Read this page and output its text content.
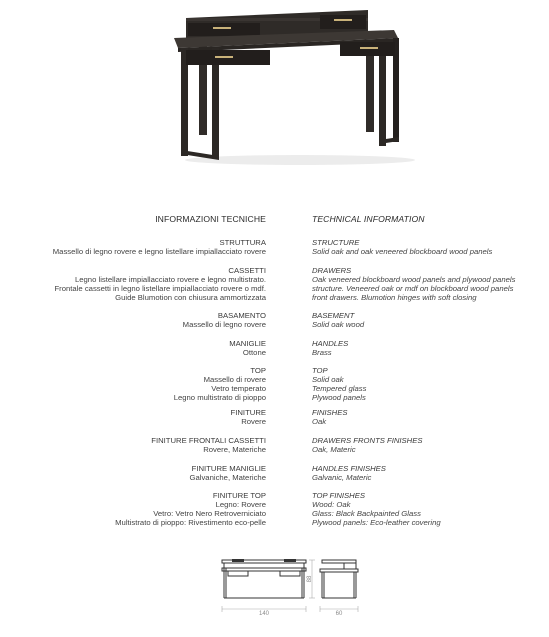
INFORMAZIONI TECNICHE	TECHNICAL INFORMATION
STRUTTURA
Massello di legno rovere e legno listellare impiallacciato rovere
STRUCTURE
Solid oak and oak veneered blockboard wood panels
CASSETTI
Legno listellare impiallacciato rovere e legno multistrato.
Frontale cassetti in legno listellare impiallacciato rovere o mdf.
Guide Blumotion con chiusura ammortizzata
DRAWERS
Oak veneered blockboard wood panels and plywood panels
structure. Veneered oak or mdf on blockboard wood panels
front drawers. Blumotion hinges with soft closing
BASAMENTO
Massello di legno rovere
BASEMENT
Solid oak wood
MANIGLIE
Ottone
HANDLES
Brass
TOP
Massello di rovere
Vetro temperato
Legno multistrato di pioppo
TOP
Solid oak
Tempered glass
Plywood panels
FINITURE
Rovere
FINISHES
Oak
FINITURE FRONTALI CASSETTI
Rovere, Materiche
DRAWERS FRONTS FINISHES
Oak, Materic
FINITURE MANIGLIE
Galvaniche, Materiche
HANDLES FINISHES
Galvanic, Materic
FINITURE TOP
Legno: Rovere
Vetro: Vetro Nero Retroverniciato
Multistrato di pioppo: Rivestimento eco-pelle
TOP FINISHES
Wood: Oak
Glass: Black Backpainted Glass
Plywood panels: Eco-leather covering
140
88
60
